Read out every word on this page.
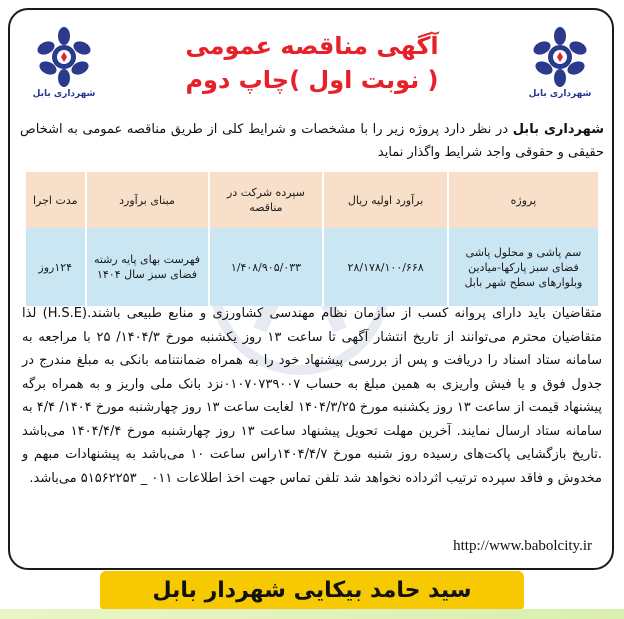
شهرداری بابل
شهرداری بابل
آگهی مناقصه عمومی
( نوبت اول )چاپ دوم
شهرداری بابل در نظر دارد پروژه زیر را با مشخصات و شرایط کلی از طریق مناقصه عمومی به اشخاص حقیقی و حقوقی واجد شرایط واگذار نماید
پروژه	برآورد اولیه ریال	سپرده شرکت در مناقصه	مبنای برآورد	مدت اجرا
سم پاشی و محلول پاشی فضای سبز پارکها-میادین وبلوارهای سطح شهر بابل	۲۸/۱۷۸/۱۰۰/۶۶۸	۱/۴۰۸/۹۰۵/۰۳۳	فهرست بهای پایه رشته فضای سبز سال ۱۴۰۴	۱۲۴روز
متقاضیان باید دارای پروانه کسب از سازمان نظام مهندسی کشاورزی و منابع طبیعی باشند.(H.S.E) لذا متقاضیان محترم می‌توانند از تاریخ انتشار آگهی تا ساعت ۱۳ روز یکشنبه مورخ ۱۴۰۴/۳/ ۲۵ با مراجعه به سامانه ستاد اسناد را دریافت و پس از بررسی پیشنهاد خود را به همراه ضمانتنامه بانکی به مبلغ مندرج در جدول فوق و یا فیش واریزی به همین مبلغ به حساب ۰۱۰۷۰۷۳۹۰۰۷نزد بانک ملی واریز و به همراه برگه پیشنهاد قیمت از ساعت ۱۳ روز یکشنبه مورخ ۱۴۰۴/۳/۲۵ لغایت ساعت ۱۳ روز چهارشنبه مورخ ۱۴۰۴/ ۴/۴ به سامانه ستاد ارسال نمایند. آخرین مهلت تحویل پیشنهاد ساعت ۱۳ روز چهارشنبه مورخ ۱۴۰۴/۴/۴ می‌باشد .تاریخ بازگشایی پاکت‌های رسیده روز شنبه مورخ ۱۴۰۴/۴/۷راس ساعت ۱۰ می‌باشد به پیشنهادات مبهم و مخدوش و فاقد سپرده ترتیب اثرداده نخواهد شد تلفن تماس جهت اخذ اطلاعات ۰۱۱ _ ۵۱۵۶۲۲۵۳ می‌باشد.
http://www.babolcity.ir
سید حامد بیکایی شهردار بابل
